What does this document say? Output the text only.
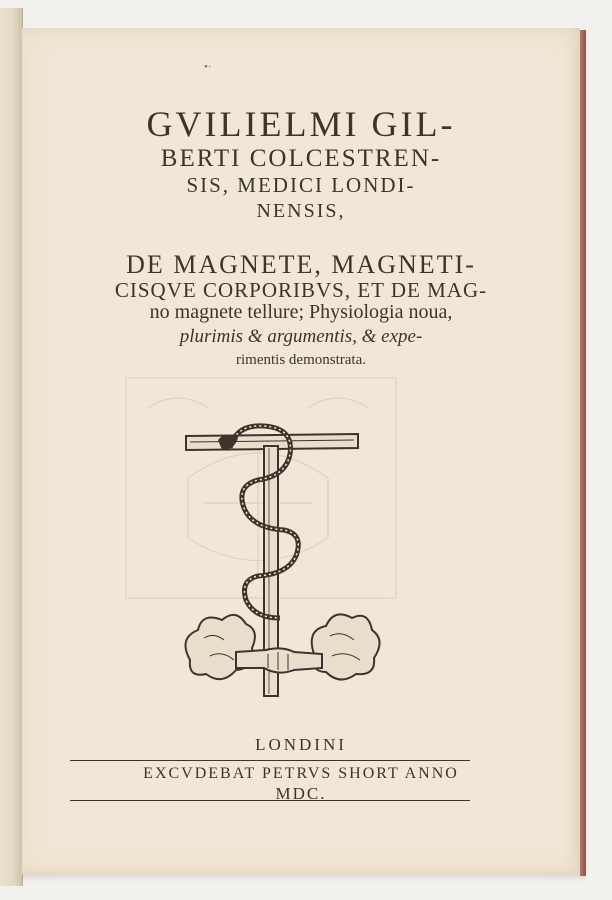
•·
GVILIELMI GIL-
BERTI COLCESTREN-
SIS, MEDICI LONDI-
NENSIS,
DE MAGNETE, MAGNETI-
CISQVE CORPORIBVS, ET DE MAG-
no magnete tellure; Physiologia noua,
plurimis & argumentis, & expe-
rimentis demonstrata.
LONDINI
EXCVDEBAT PETRVS SHORT ANNO
MDC.
